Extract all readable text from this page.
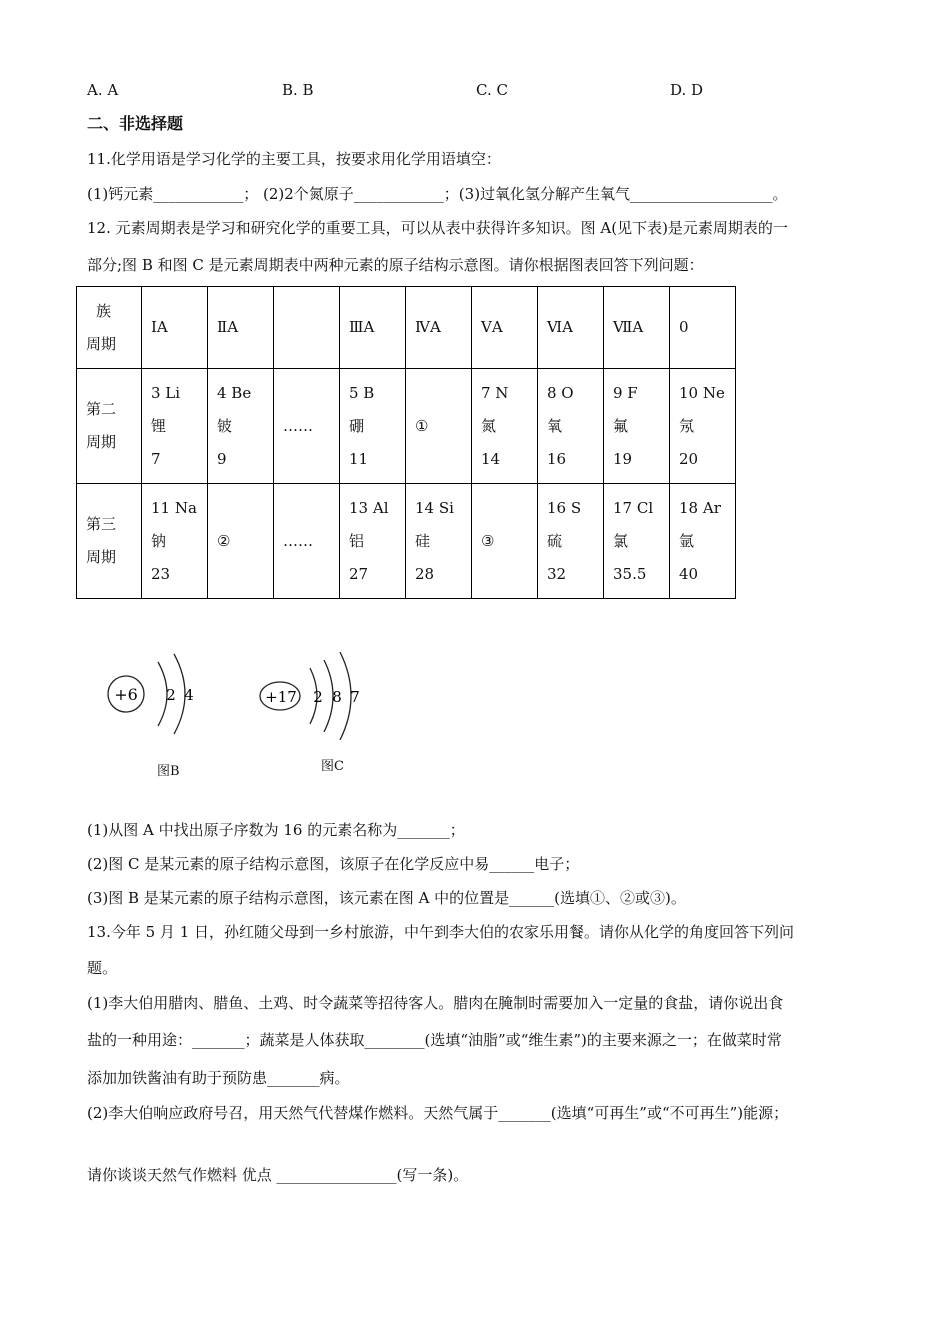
A. A	B. B	C. C	D. D
二、非选择题
11.化学用语是学习化学的主要工具，按要求用化学用语填空：
(1)钙元素____________； (2)2个氮原子____________；(3)过氧化氢分解产生氧气___________________。
12. 元素周期表是学习和研究化学的重要工具，可以从表中获得许多知识。图 A(见下表)是元素周期表的一
部分;图 B 和图 C 是元素周期表中两种元素的原子结构示意图。请你根据图表回答下列问题：
族
周期	ⅠA	ⅡA		ⅢA	ⅣA	ⅤA	ⅥA	ⅦA	0

第二
周期	3 Li
锂
7	4 Be
铍
9	……	5 B
硼
11	①	7 N
氮
14	8 O
氧
16	9 F
氟
19	10 Ne
氖
20

第三
周期	11 Na
钠
23	②	……	13 Al
铝
27	14 Si
硅
28	③	16 S
硫
32	17 Cl
氯
35.5	18 Ar
氩
40
+6 2 4
图B
+17 2 8 7
图C
(1)从图 A 中找出原子序数为 16 的元素名称为_______；
(2)图 C 是某元素的原子结构示意图，该原子在化学反应中易______电子；
(3)图 B 是某元素的原子结构示意图，该元素在图 A 中的位置是______(选填①、②或③)。
13.今年 5 月 1 日，孙红随父母到一乡村旅游，中午到李大伯的农家乐用餐。请你从化学的角度回答下列问
题。
(1)李大伯用腊肉、腊鱼、土鸡、时令蔬菜等招待客人。腊肉在腌制时需要加入一定量的食盐，请你说出食
盐的一种用途：_______；蔬菜是人体获取________(选填“油脂”或“维生素”)的主要来源之一；在做菜时常
添加加铁酱油有助于预防患_______病。
(2)李大伯响应政府号召，用天然气代替煤作燃料。天然气属于_______(选填“可再生”或“不可再生”)能源；
请你谈谈天然气作燃料 优点 ________________(写一条)。
